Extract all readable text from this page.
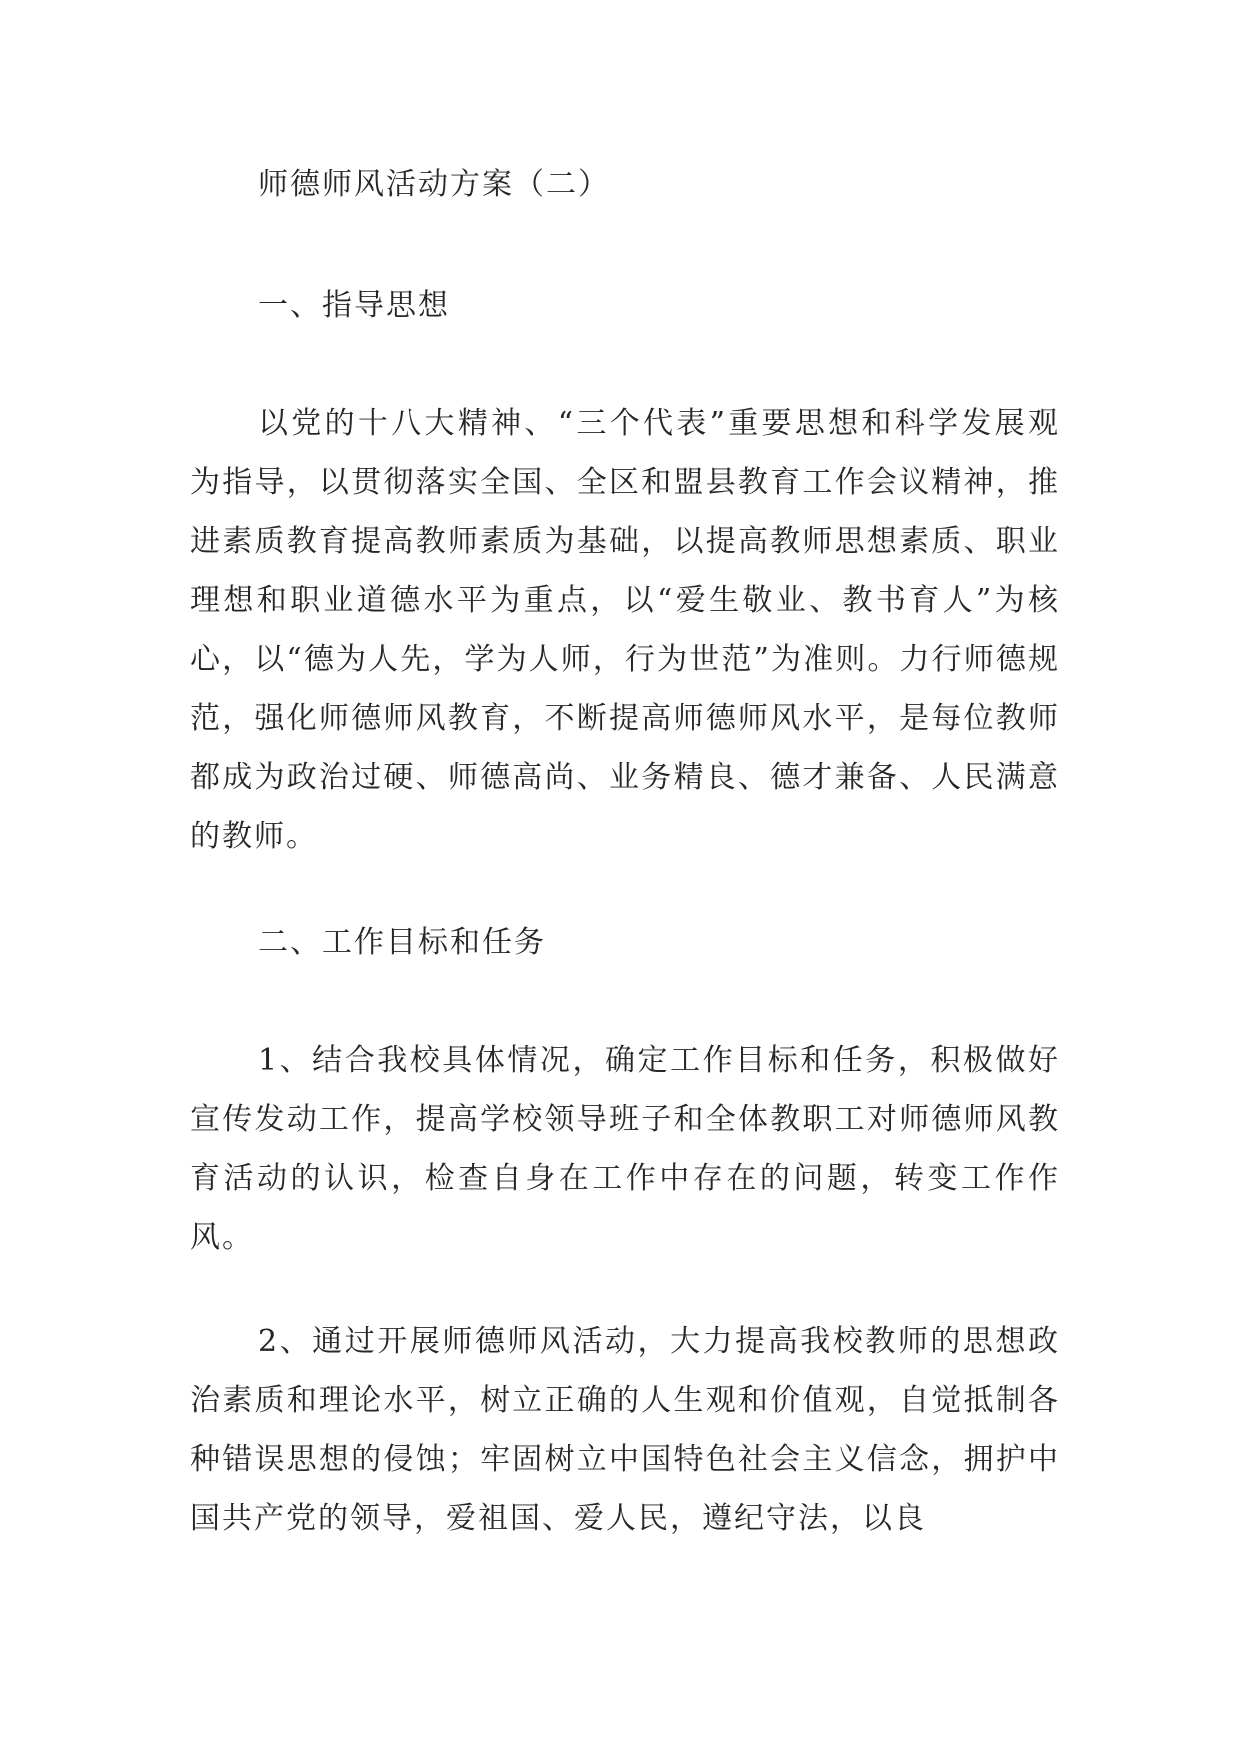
师德师风活动方案（二）

一、指导思想

以党的十八大精神、“三个代表”重要思想和科学发展观为指导，以贯彻落实全国、全区和盟县教育工作会议精神，推进素质教育提高教师素质为基础，以提高教师思想素质、职业理想和职业道德水平为重点，以“爱生敬业、教书育人”为核心，以“德为人先，学为人师，行为世范”为准则。力行师德规范，强化师德师风教育，不断提高师德师风水平，是每位教师都成为政治过硬、师德高尚、业务精良、德才兼备、人民满意的教师。

二、工作目标和任务

1、结合我校具体情况，确定工作目标和任务，积极做好宣传发动工作，提高学校领导班子和全体教职工对师德师风教育活动的认识，检查自身在工作中存在的问题，转变工作作风。

2、通过开展师德师风活动，大力提高我校教师的思想政治素质和理论水平，树立正确的人生观和价值观，自觉抵制各种错误思想的侵蚀；牢固树立中国特色社会主义信念，拥护中国共产党的领导，爱祖国、爱人民，遵纪守法，以良
